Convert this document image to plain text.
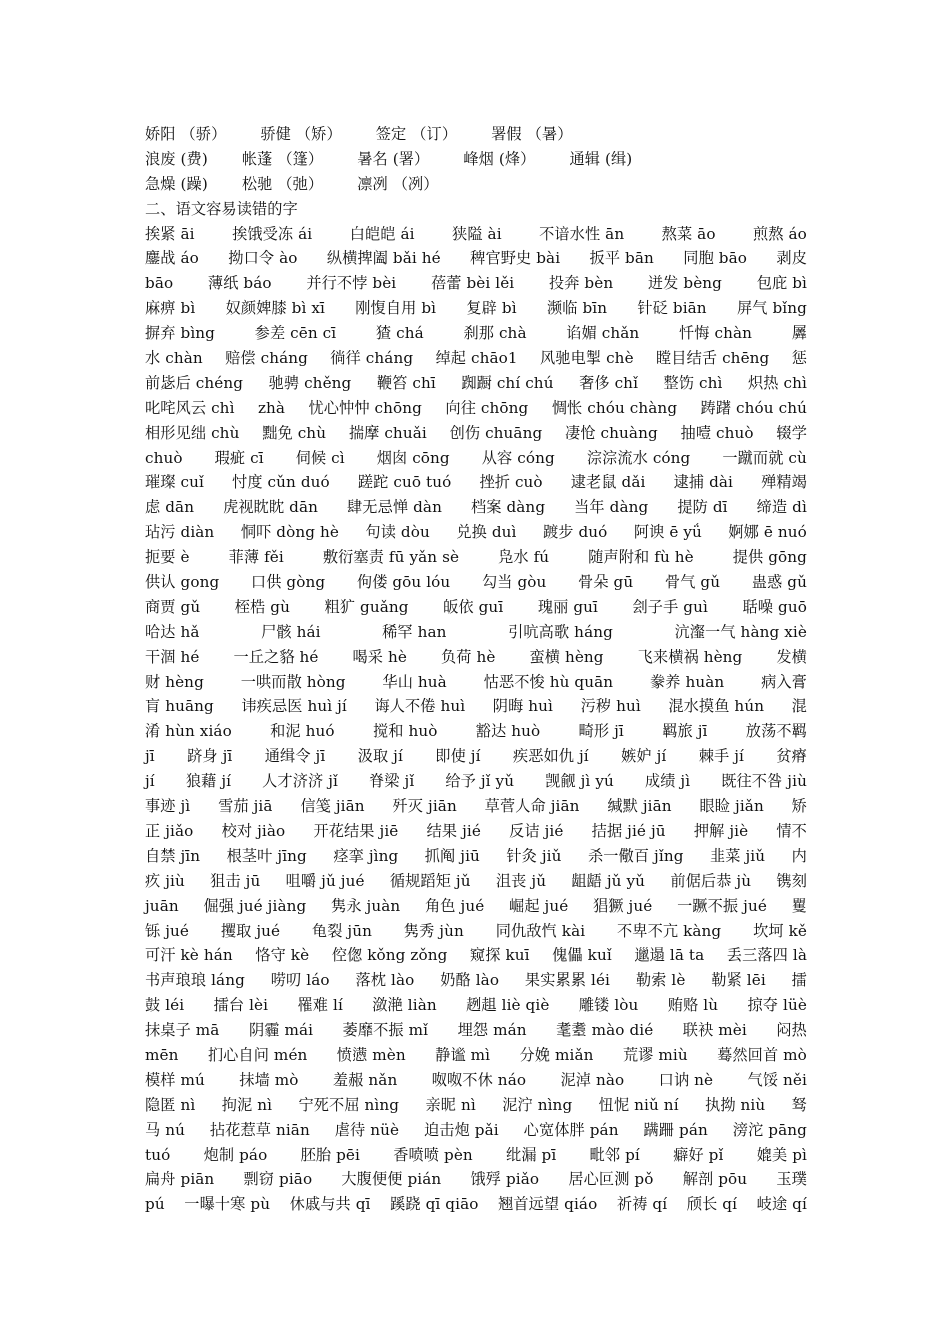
娇阳 （骄） 骄健 （矫） 签定 （订） 署假 （暑）
浪废 (费) 帐蓬 （篷） 暑名 (署） 峰烟 (烽） 通辑 (缉)
急燥 (躁) 松驰 （弛） 凛冽 （冽）
二、语文容易读错的字
挨紧 āi 挨饿受冻 ái 白皑皑 ái 狭隘 ài 不谙水性 ān 熬菜 āo 煎熬 áo
鏖战 áo 拗口令 ào 纵横捭阖 bǎi hé 稗官野史 bài 扳平 bān 同胞 bāo 剥皮
bāo 薄纸 báo 并行不悖 bèi 蓓蕾 bèi lěi 投奔 bèn 迸发 bèng 包庇 bì
麻痹 bì 奴颜婢膝 bì xī 刚愎自用 bì 复辟 bì 濒临 bīn 针砭 biān 屏气 bǐng
摒弃 bìng	参差 cēn cī	猹 chá	刹那 chà	谄媚 chǎn	忏悔 chàn	羼
水 chàn 赔偿 cháng 徜徉 cháng 绰起 chāo1 风驰电掣 chè 瞠目结舌 chēng 惩
前毖后 chéng 驰骋 chěng 鞭笞 chī 踟蹰 chí chú 奢侈 chǐ 整饬 chì 炽热 chì
叱咤风云 chì zhà 忧心忡忡 chōng 向往 chōng 惆怅 chóu chàng 踌躇 chóu chú
相形见绌 chù 黜免 chù 揣摩 chuǎi 创伤 chuāng 凄怆 chuàng 抽噎 chuò 辍学
chuò 瑕疵 cī 伺候 cì 烟囱 cōng 从容 cóng 淙淙流水 cóng 一蹴而就 cù
璀璨 cuǐ 忖度 cǔn duó 蹉跎 cuō tuó 挫折 cuò 逮老鼠 dǎi 逮捕 dài 殚精竭
虑 dān 虎视眈眈 dān 肆无忌惮 dàn 档案 dàng 当年 dàng 提防 dī 缔造 dì
玷污 diàn 恫吓 dòng hè 句读 dòu 兑换 duì 踱步 duó 阿谀 ē yǘ 婀娜 ē nuó
扼要 è	菲薄 fěi	敷衍塞责 fū yǎn sè	凫水 fú	随声附和 fù hè	提供 gōng
供认 gong 口供 gòng 佝偻 gōu lóu 勾当 gòu 骨朵 gū 骨气 gǔ 蛊惑 gǔ
商贾 gǔ 桎梏 gù 粗犷 guǎng 皈依 guī 瑰丽 guī 刽子手 guì 聒噪 guō
哈达 hǎ	尸骸 hái	稀罕 han	引吭高歌 háng	沆瀣一气 hàng xiè
干涸 hé 一丘之貉 hé 喝采 hè 负荷 hè 蛮横 hèng 飞来横祸 hèng 发横
财 hèng 一哄而散 hòng 华山 huà 怙恶不悛 hù quān 豢养 huàn 病入膏
肓 huāng 讳疾忌医 huì jí 诲人不倦 huì 阴晦 huì 污秽 huì 混水摸鱼 hún 混
淆 hùn xiáo	和泥 huó	搅和 huò	豁达 huò	畸形 jī	羁旅 jī	放荡不羁
jī 跻身 jī 通缉令 jī 汲取 jí 即使 jí 疾恶如仇 jí 嫉妒 jí 棘手 jí 贫瘠
jí 狼藉 jí 人才济济 jǐ 脊梁 jǐ 给予 jǐ yǔ 觊觎 jì yú 成绩 jì 既往不咎 jiù
事迹 jì 雪茄 jiā 信笺 jiān 歼灭 jiān 草菅人命 jiān 缄默 jiān 眼睑 jiǎn 矫
正 jiǎo 校对 jiào 开花结果 jiē 结果 jié 反诘 jié 拮据 jié jū 押解 jiè 情不
自禁 jīn 根茎叶 jīng 痉挛 jìng 抓阄 jiū 针灸 jiǔ 杀一儆百 jǐng 韭菜 jiǔ 内
疚 jiù 狙击 jū 咀嚼 jǔ jué 循规蹈矩 jǔ 沮丧 jǔ 龃龉 jǔ yǔ 前倨后恭 jù 镌刻
juān 倔强 jué jiàng 隽永 juàn 角色 jué 崛起 jué 猖獗 jué 一蹶不振 jué 矍
铄 jué 攫取 jué 龟裂 jūn 隽秀 jùn 同仇敌忾 kài 不卑不亢 kàng 坎坷 kě
可汗 kè hán 恪守 kè 倥偬 kǒng zǒng 窥探 kuī 傀儡 kuǐ 邋遢 lā ta 丢三落四 là
书声琅琅 láng 唠叨 láo 落枕 lào 奶酪 lào 果实累累 léi 勒索 lè 勒紧 lēi 擂
鼓 léi 擂台 lèi 罹难 lí 潋滟 liàn 趔趄 liè qiè 雕镂 lòu 贿赂 lù 掠夺 lüè
抹桌子 mā 阴霾 mái 萎靡不振 mǐ 埋怨 mán 耄耋 mào dié 联袂 mèi 闷热
mēn 扪心自问 mén 愤懑 mèn 静谧 mì 分娩 miǎn 荒谬 miù 蓦然回首 mò
模样 mú 抹墙 mò 羞赧 nǎn 呶呶不休 náo 泥淖 nào 口讷 nè 气馁 něi
隐匿 nì 拘泥 nì 宁死不屈 nìng 亲昵 nì 泥泞 nìng 忸怩 niǔ ní 执拗 niù 驽
马 nú 拈花惹草 niān 虐待 nüè 迫击炮 pǎi 心宽体胖 pán 蹒跚 pán 滂沱 pāng
tuó 炮制 páo 胚胎 pēi 香喷喷 pèn 纰漏 pī 毗邻 pí 癖好 pǐ 媲美 pì
扁舟 piān 剽窃 piāo 大腹便便 pián 饿殍 piǎo 居心叵测 pǒ 解剖 pōu 玉璞
pú 一曝十寒 pù 休戚与共 qī 蹊跷 qī qiāo 翘首远望 qiáo 祈祷 qí 颀长 qí 岐途 qí
